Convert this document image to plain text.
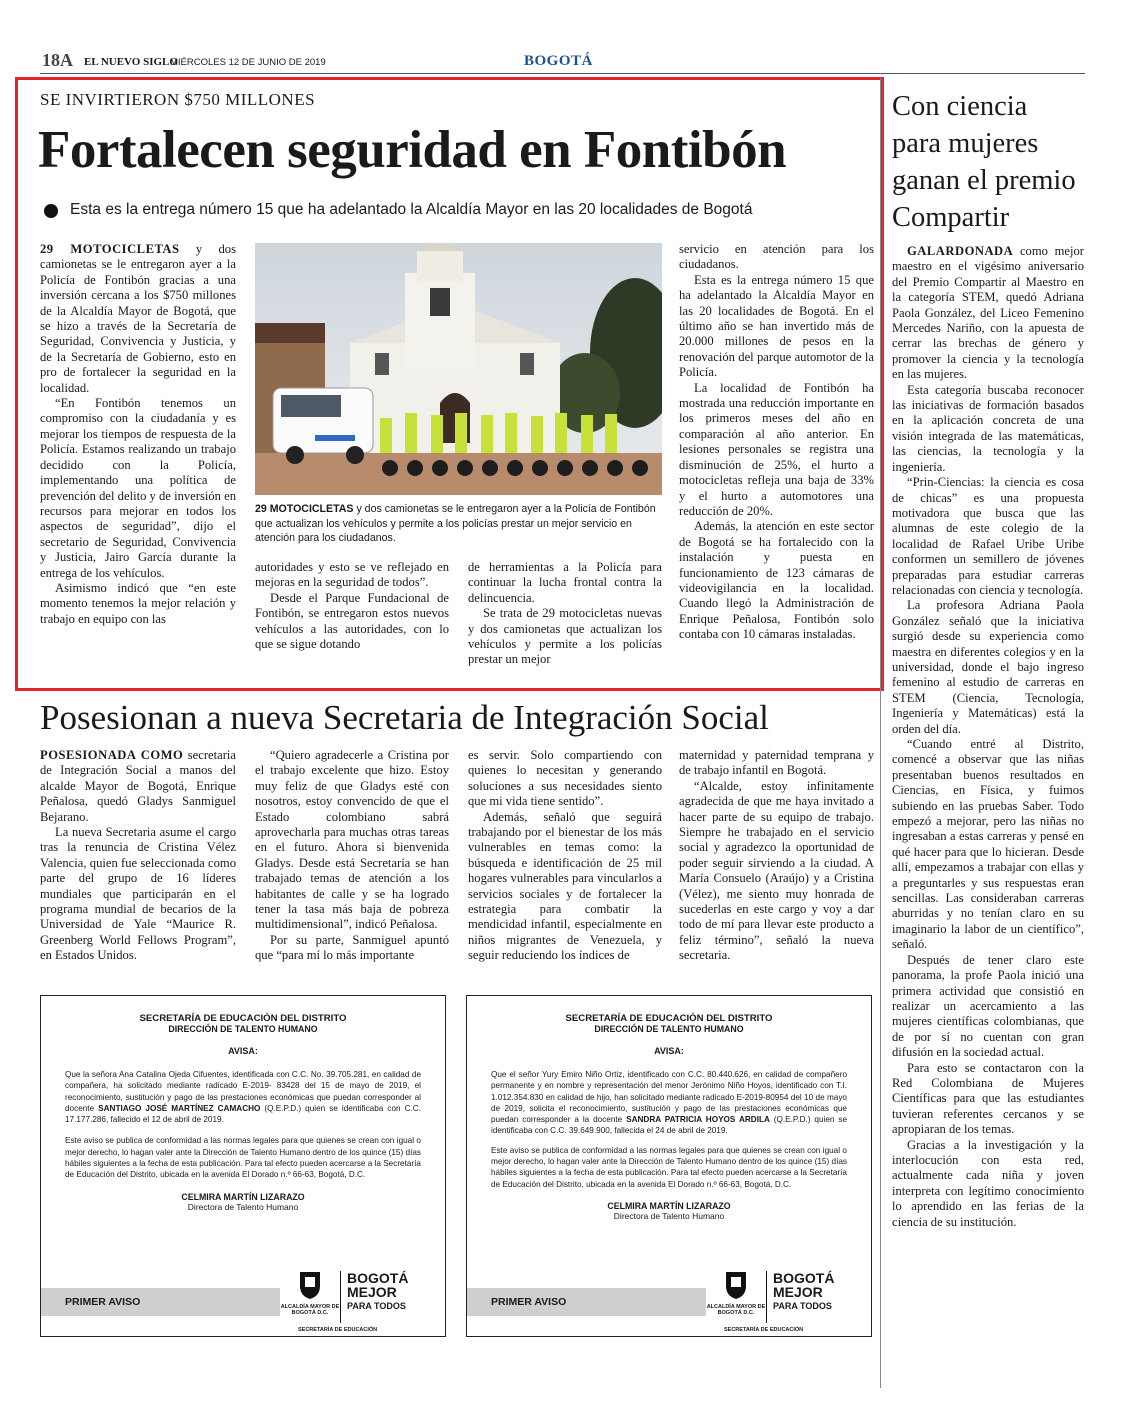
18A EL NUEVO SIGLO
MIÉRCOLES 12 DE JUNIO DE 2019	BOGOTÁ
SE INVIRTIERON $750 MILLONES
Fortalecen seguridad en Fontibón
Esta es la entrega número 15 que ha adelantado la Alcaldía Mayor en las 20 localidades de Bogotá

29 MOTOCICLETAS y dos camionetas se le entregaron ayer a la Policía de Fontibón gracias a una inversión cercana a los $750 millones de la Alcaldía Mayor de Bogotá, que se hizo a través de la Secretaría de Seguridad, Convivencia y Justicia, y de la Secretaría de Gobierno, esto en pro de fortalecer la seguridad en la localidad.

“En Fontibón tenemos un compromiso con la ciudadanía y es mejorar los tiempos de respuesta de la Policía. Estamos realizando un trabajo decidido con la Policía, implementando una política de prevención del delito y de inversión en recursos para mejorar en todos los aspectos de seguridad”, dijo el secretario de Seguridad, Convivencia y Justicia, Jairo García durante la entrega de los vehículos.

Asimismo indicó que “en este momento tenemos la mejor relación y trabajo en equipo con las

29 MOTOCICLETAS y dos camionetas se le entregaron ayer a la Policía de Fontibón que actualizan los vehículos y permite a los policías prestar un mejor servicio en atención para los ciudadanos.

autoridades y esto se ve reflejado en mejoras en la seguridad de todos”.

Desde el Parque Fundacional de Fontibón, se entregaron estos nuevos vehículos a las autoridades, con lo que se sigue dotando

de herramientas a la Policía para continuar la lucha frontal contra la delincuencia.

Se trata de 29 motocicletas nuevas y dos camionetas que actualizan los vehículos y permite a los policías prestar un mejor

servicio en atención para los ciudadanos.

Esta es la entrega número 15 que ha adelantado la Alcaldía Mayor en las 20 localidades de Bogotá. En el último año se han invertido más de 20.000 millones de pesos en la renovación del parque automotor de la Policía.

La localidad de Fontibón ha mostrada una reducción importante en los primeros meses del año en comparación al año anterior. En lesiones personales se registra una disminución de 25%, el hurto a motocicletas refleja una baja de 33% y el hurto a automotores una reducción de 20%.

Además, la atención en este sector de Bogotá se ha fortalecido con la instalación y puesta en funcionamiento de 123 cámaras de videovigilancia en la localidad. Cuando llegó la Administración de Enrique Peñalosa, Fontibón solo contaba con 10 cámaras instaladas.

Posesionan a nueva Secretaria de Integración Social

POSESIONADA COMO secretaria de Integración Social a manos del alcalde Mayor de Bogotá, Enrique Peñalosa, quedó Gladys Sanmiguel Bejarano.

La nueva Secretaria asume el cargo tras la renuncia de Cristina Vélez Valencia, quien fue seleccionada como parte del grupo de 16 líderes mundiales que participarán en el programa mundial de becarios de la Universidad de Yale “Maurice R. Greenberg World Fellows Program”, en Estados Unidos.

“Quiero agradecerle a Cristina por el trabajo excelente que hizo. Estoy muy feliz de que Gladys esté con nosotros, estoy convencido de que el Estado colombiano sabrá aprovecharla para muchas otras tareas en el futuro. Ahora si bienvenida Gladys. Desde está Secretaría se han trabajado temas de atención a los habitantes de calle y se ha logrado tener la tasa más baja de pobreza multidimensional”, indicó Peñalosa.

Por su parte, Sanmiguel apuntó que “para mí lo más importante

es servir. Solo compartiendo con quienes lo necesitan y generando soluciones a sus necesidades siento que mi vida tiene sentido”.

Además, señaló que seguirá trabajando por el bienestar de los más vulnerables en temas como: la búsqueda e identificación de 25 mil hogares vulnerables para vincularlos a servicios sociales y de fortalecer la estrategia para combatir la mendicidad infantil, especialmente en niños migrantes de Venezuela, y seguir reduciendo los índices de

maternidad y paternidad temprana y de trabajo infantil en Bogotá.

“Alcalde, estoy infinitamente agradecida de que me haya invitado a hacer parte de su equipo de trabajo. Siempre he trabajado en el servicio social y agradezco la oportunidad de poder seguir sirviendo a la ciudad. A María Consuelo (Araújo) y a Cristina (Vélez), me siento muy honrada de sucederlas en este cargo y voy a dar todo de mí para llevar este producto a feliz término”, señaló la nueva secretaria.

Con ciencia para mujeres ganan el premio Compartir

GALARDONADA como mejor maestro en el vigésimo aniversario del Premio Compartir al Maestro en la categoría STEM, quedó Adriana Paola González, del Liceo Femenino Mercedes Nariño, con la apuesta de cerrar las brechas de género y promover la ciencia y la tecnología en las mujeres.

Esta categoría buscaba reconocer las iniciativas de formación basados en la aplicación concreta de una visión integrada de las matemáticas, las ciencias, la tecnología y la ingeniería.

“Prin-Ciencias: la ciencia es cosa de chicas” es una propuesta motivadora que busca que las alumnas de este colegio de la localidad de Rafael Uribe Uribe conformen un semillero de jóvenes preparadas para estudiar carreras relacionadas con ciencia y tecnología.

La profesora Adriana Paola González señaló que la iniciativa surgió desde su experiencia como maestra en diferentes colegios y en la universidad, donde el bajo ingreso femenino al estudio de carreras en STEM (Ciencia, Tecnología, Ingeniería y Matemáticas) está la orden del día.

“Cuando entré al Distrito, comencé a observar que las niñas presentaban buenos resultados en Ciencias, en Física, y fuimos subiendo en las pruebas Saber. Todo empezó a mejorar, pero las niñas no ingresaban a estas carreras y pensé en qué hacer para que lo hicieran. Desde allí, empezamos a trabajar con ellas y a preguntarles y sus respuestas eran sencillas. Las consideraban carreras aburridas y no tenían claro en su imaginario la labor de un científico”, señaló.

Después de tener claro este panorama, la profe Paola inició una primera actividad que consistió en realizar un acercamiento a las mujeres científicas colombianas, que de por sí no cuentan con gran difusión en la sociedad actual.

Para esto se contactaron con la Red Colombiana de Mujeres Científicas para que las estudiantes tuvieran referentes cercanos y se apropiaran de los temas.

Gracias a la investigación y la interlocución con esta red, actualmente cada niña y joven interpreta con legítimo conocimiento lo aprendido en las ferias de la ciencia de su institución.

SECRETARÍA DE EDUCACIÓN DEL DISTRITO
DIRECCIÓN DE TALENTO HUMANO
AVISA:
Que la señora Ana Catalina Ojeda Cifuentes, identificada con C.C. No. 39.705.281, en calidad de compañera, ha solicitado mediante radicado E-2019- 83428 del 15 de mayo de 2019, el reconocimiento, sustitución y pago de las prestaciones económicas que puedan corresponder al docente SANTIAGO JOSÉ MARTÍNEZ CAMACHO (Q.E.P.D.) quien se identificaba con C.C. 17.177.286, fallecido el 12 de abril de 2019.
Este aviso se publica de conformidad a las normas legales para que quienes se crean con igual o mejor derecho, lo hagan valer ante la Dirección de Talento Humano dentro de los quince (15) días hábiles siguientes a la fecha de esta publicación. Para tal efecto pueden acercarse a la Secretaría de Educación del Distrito, ubicada en la avenida El Dorado n.º 66-63, Bogotá, D.C.
CELMIRA MARTÍN LIZARAZO
Directora de Talento Humano
PRIMER AVISO
SECRETARÍA DE EDUCACIÓN DEL DISTRITO
DIRECCIÓN DE TALENTO HUMANO
AVISA:
Que el señor Yury Emiro Niño Ortiz, identificado con C.C. 80.440.626, en calidad de compañero permanente y en nombre y representación del menor Jerónimo Niño Hoyos, identificado con T.I. 1.012.354.830 en calidad de hijo, han solicitado mediante radicado E-2019-80954 del 10 de mayo de 2019, solicita el reconocimiento, sustitución y pago de las prestaciones económicas que puedan corresponder a la docente SANDRA PATRICIA HOYOS ARDILA (Q.E.P.D.) quien se identificaba con C.C. 39.649.900, fallecida el 24 de abril de 2019.
Este aviso se publica de conformidad a las normas legales para que quienes se crean con igual o mejor derecho, lo hagan valer ante la Dirección de Talento Humano dentro de los quince (15) días hábiles siguientes a la fecha de esta publicación. Para tal efecto pueden acercarse a la Secretaría de Educación del Distrito, ubicada en la avenida El Dorado n.º 66-63, Bogotá, D.C.
CELMIRA MARTÍN LIZARAZO
Directora de Talento Humano
PRIMER AVISO
ALCALDÍA MAYOR DE BOGOTÁ D.C.
BOGOTÁ
MEJOR
PARA TODOS
SECRETARÍA DE EDUCACIÓN
ALCALDÍA MAYOR DE BOGOTÁ D.C.
BOGOTÁ
MEJOR
PARA TODOS
SECRETARÍA DE EDUCACIÓN
